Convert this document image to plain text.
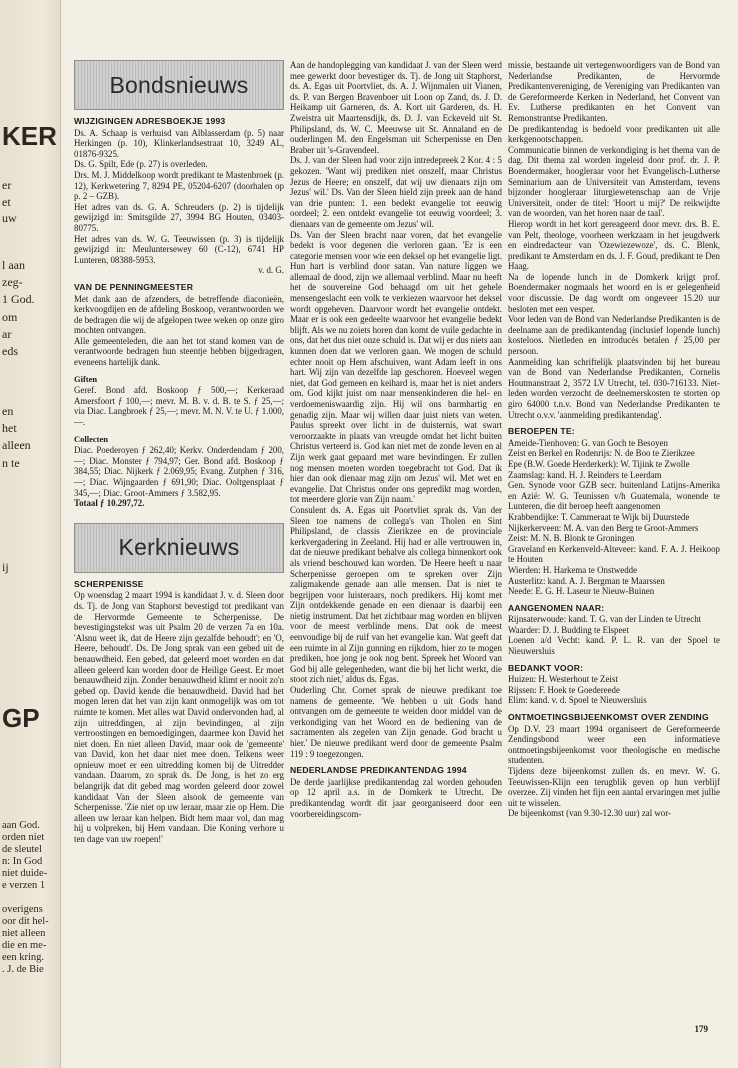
KER
er
et
uw
l aan
zeg-
1 God.
om
ar
eds
en
het
alleen
n te
ij
GP
aan God.
orden niet
de sleutel
n: In God
niet duide-
e verzen 1
overigens
oor dit hel-
niet alleen
die en me-
een kring.
. J. de Bie
Bondsnieuws
WIJZIGINGEN ADRESBOEKJE 1993

Ds. A. Schaap is verhuisd van Alblasserdam (p. 5) naar Herkingen (p. 10), Klinkerlandsestraat 10, 3249 AL, 01876-9325.

Ds. G. Spilt, Ede (p. 27) is overleden.

Drs. M. J. Middelkoop wordt predikant te Mastenbroek (p. 12), Kerkwetering 7, 8294 PE, 05204-6207 (doorhalen op p. 2 – GZB).

Het adres van ds. G. A. Schreuders (p. 2) is tijdelijk gewijzigd in: Smitsgilde 27, 3994 BG Houten, 03403-80775.

Het adres van ds. W. G. Teeuwissen (p. 3) is tijdelijk gewijzigd in: Meuluntersewey 60 (C-12), 6741 HP Lunteren, 08388-5953.

v. d. G.

VAN DE PENNINGMEESTER

Met dank aan de afzenders, de betreffende diaconieën, kerkvoogdijen en de afdeling Boskoop, verantwoorden we de bedragen die wij de afgelopen twee weken op onze giro mochten ontvangen.

Alle gemeenteleden, die aan het tot stand komen van de verantwoorde bedragen hun steentje hebben bijgedragen, eveneens hartelijk dank.

Giften

Geref. Bond afd. Boskoop ƒ 500,—; Kerkeraad Amersfoort ƒ 100,—; mevr. M. B. v. d. B. te S. ƒ 25,—; via Diac. Langbroek ƒ 25,—; mevr. M. N. V. te U. ƒ 1.000,—.

Collecten

Diac. Poederoyen ƒ 262,40; Kerkv. Onderdendam ƒ 200,—; Diac. Monster ƒ 794,97; Ger. Bond afd. Boskoop ƒ 384,55; Diac. Nijkerk ƒ 2.069,95; Evang. Zutphen ƒ 316,—; Diac. Wijngaarden ƒ 691,90; Diac. Ooltgensplaat ƒ 345,—; Diac. Groot-Ammers ƒ 3.582,95.

Totaal ƒ 10.297,72.

Kerknieuws
SCHERPENISSE

Op woensdag 2 maart 1994 is kandidaat J. v. d. Sleen door ds. Tj. de Jong van Staphorst bevestigd tot predikant van de Hervormde Gemeente te Scherpenisse. De bevestigingstekst was uit Psalm 20 de verzen 7a en 10a. 'Alsnu weet ik, dat de Heere zijn gezalfde behoudt'; en 'O, Heere, behoudt'. Ds. De Jong sprak van een gebed uit de benauwdheid. Een gebed, dat geleerd moet worden en dat alleen geleerd kan worden door de Heilige Geest. Er moet benauwdheid zijn. Zonder benauwdheid klimt er nooit zo'n gebed op. David kende die benauwdheid. David had het mogen leren dat het van zijn kant onmogelijk was om tot ruimte te komen. Met alles wat David ondervonden had, al zijn uitreddingen, al zijn bevindingen, al zijn vertroostingen en bemoedigingen, daarmee kon David het niet doen. En niet alleen David, maar ook de 'gemeente' van David, kon het daar niet mee doen. Telkens weer opnieuw moet er een uitredding komen bij de Uitredder vandaan. Daarom, zo sprak ds. De Jong, is het zo erg belangrijk dat dit gebed mag worden geleerd door zowel kandidaat Van der Sleen alsook de gemeente van Scherpenisse. 'Zie niet op uw leraar, maar zie op Hem. Die alleen uw leraar kan helpen. Bidt hem maar vol, dan mag hij u volpreken, bij Hem vandaan. Die Koning verhore u ten dage van uw roepen!'

Aan de handoplegging van kandidaat J. van der Sleen werd mee gewerkt door bevestiger ds. Tj. de Jong uit Staphorst, ds. A. Egas uit Poortvliet, ds. A. J. Wijnmalen uit Vianen, ds. P. van Bergen Bravenboer uit Loon op Zand, ds. J. D. Heikamp uit Garneren, ds. A. Kort uit Garderen, ds. H. Zweistra uit Maartensdijk, ds. D. J. van Eckeveld uit St. Philipsland, ds. W. C. Meeuwse uit St. Annaland en de ouderlingen M. den Engelsman uit Scherpenisse en Den Braber uit 's-Gravendeel.

Ds. J. van der Sleen had voor zijn intredepreek 2 Kor. 4 : 5 gekozen. 'Want wij prediken niet onszelf, maar Christus Jezus de Heere; en onszelf, dat wij uw dienaars zijn om Jezus' wil.' Ds. Van der Sleen hield zijn preek aan de hand van drie punten: 1. een bedekt evangelie tot eeuwig oordeel; 2. een ontdekt evangelie tot eeuwig voordeel; 3. dienaars van de gemeente om Jezus' wil.

Ds. Van der Sleen bracht naar voren, dat het evangelie bedekt is voor degenen die verloren gaan. 'Er is een categorie mensen voor wie een deksel op het evangelie ligt. Hun hart is verblind door satan. Van nature liggen we allemaal de dood, zijn we allemaal verblind. Maar nu heeft het de souvereine God behaagd om uit het gehele mensengeslacht een volk te verkiezen waarvoor het deksel wordt opgeheven. Daarvoor wordt het evangelie ontdekt. Maar er is ook een gedeelte waarvoor het evangelie bedekt blijft. Als we nu zoiets horen dan komt de vuile gedachte in ons, dat het dus niet onze schuld is. Dat wij er dus niets aan kunnen doen dat we verloren gaan. We mogen de schuld echter nooit op Hem afschuiven, want Adam leeft in ons hart. Wij zijn van dezelfde lap geschoren. Hoeveel wegen niet, dat God gemeen en keihard is, maar het is niet anders om. God kijkt juist om naar mensenkinderen die hel- en verdoemeniswaardig zijn. Hij wil ons barmhartig en genadig zijn. Maar wij willen daar juist niets van weten. Paulus spreekt over licht in de duisternis, wat swart veroorzaakte in plaats van vreugde omdat het licht buiten Christus verteerd is. God kan niet met de zonde leven en al Zijn werk gaat gepaard met ware bevindingen. Er zullen nog mensen moeten worden toegebracht tot God. Dat ik hier dan ook dienaar mag zijn om Jezus' wil. Met wet en evangelie. Dat Christus onder ons gepredikt mag worden, tot meerdere glorie van Zijn naam.'

Consulent ds. A. Egas uit Poortvliet sprak ds. Van der Sleen toe namens de collega's van Tholen en Sint Philipsland, de classis Zierikzee en de provinciale kerkvergadering in Zeeland. Hij had er alle vertrouwen in, dat de nieuwe predikant behalve als collega binnenkort ook als vriend beschouwd kan worden. 'De Heere heeft u naar Scherpenisse geroepen om te spreken over Zijn zaligmakende genade aan alle mensen. Dat is niet te begrijpen voor luisteraars, noch predikers. Hij komt met Zijn ontdekkende genade en een dienaar is daarbij een nietig instrument. Dat het zichtbaar mag worden en blijven voor de meest verblinde mens. Dat ook de meest eenvoudige bij de ruif van het evangelie kan. Wat geeft dat een ruimte in al Zijn gunning en rijkdom, hier zo te mogen prediken, hoe jong je ook nog bent. Spreek het Woord van God bij alle gelegenheden, want die bij het licht werkt, die stoot zich niet,' aldus ds. Egas.

Ouderling Chr. Cornet sprak de nieuwe predikant toe namens de gemeente. 'We hebben u uit Gods hand ontvangen om de gemeente te weiden door middel van de verkondiging van het Woord en de bediening van de sacramenten als zegelen van Zijn genade. God bracht u hier.' De nieuwe predikant werd door de gemeente Psalm 119 : 9 toegezongen.

NEDERLANDSE PREDIKANTENDAG 1994

De derde jaarlijkse predikantendag zal worden gehouden op 12 april a.s. in de Domkerk te Utrecht. De predikantendag wordt dit jaar georganiseerd door een voorbereidingscom-

missie, bestaande uit vertegenwoordigers van de Bond van Nederlandse Predikanten, de Hervormde Predikantenvereniging, de Vereniging van Predikanten van de Gereformeerde Kerken in Nederland, het Convent van Ev. Lutherse predikanten en het Convent van Remonstrantse Predikanten.

De predikantendag is bedoeld voor predikanten uit alle kerkgenootschappen.

Communicatie binnen de verkondiging is het thema van de dag. Dit thema zal worden ingeleid door prof. dr. J. P. Boendermaker, hoogleraar voor het Evangelisch-Lutherse Seminarium aan de Universiteit van Amsterdam, tevens bijzonder hoogleraar liturgiewetenschap aan de Vrije Universiteit, onder de titel: 'Hoort u mij?' De reikwijdte van de woorden, van het horen naar de taal'.

Hierop wordt in het kort gereageerd door mevr. drs. B. E. van Pelt, theologe, voorheen werkzaam in het jeugdwerk en eindredacteur van 'Ozewiezewoze', ds. C. Blenk, predikant te Amsterdam en ds. J. F. Goud, predikant te Den Haag.

Na de lopende lunch in de Domkerk krijgt prof. Boendermaker nogmaals het woord en is er gelegenheid voor discussie. De dag wordt om ongeveer 15.20 uur besloten met een vesper.

Voor leden van de Bond van Nederlandse Predikanten is de deelname aan de predikantendag (inclusief lopende lunch) kosteloos. Nietleden en introducés betalen ƒ 25,00 per persoon.

Aanmelding kan schriftelijk plaatsvinden bij het bureau van de Bond van Nederlandse Predikanten, Cornelis Houtmanstraat 2, 3572 LV Utrecht, tel. 030-716133. Niet-leden worden verzocht de deelnemerskosten te storten op giro 64000 t.n.v. Bond van Nederlandse Predikanten te Utrecht o.v.v. 'aanmelding predikantendag'.

BEROEPEN TE:

Ameide-Tienhoven: G. van Goch te Besoyen

Zeist en Berkel en Rodenrijs: N. de Boo te Zierikzee

Epe (B.W. Goede Herderkerk): W. Tijink te Zwolle

Zaamslag: kand. H. J. Reinders te Leerdam

Gen. Synode voor GZB secr. buitenland Latijns-Amerika en Azië: W. G. Teunissen v/h Guatemala, wonende te Lunteren, die dit beroep heeft aangenomen

Krabbendijke: T. Cammeraat te Wijk bij Duurstede

Nijkerkerveen: M. A. van den Berg te Groot-Ammers

Zeist: M. N. B. Blonk te Groningen

Graveland en Kerkenveld-Altevеer: kand. F. A. J. Heikoop te Houten

Wierden: H. Harkema te Onstwedde

Austerlitz: kand. A. J. Bergman te Maarssen

Neede: E. G. H. Laseur te Nieuw-Buinen

AANGENOMEN NAAR:

Rijnsaterwoude: kand. T. G. van der Linden te Utrecht

Waarder: D. J. Budding te Elspeet

Loenen a/d Vecht: kand. P. L. R. van der Spoel te Nieuwersluis

BEDANKT VOOR:

Huizen: H. Westerhout te Zeist

Rijssen: F. Hoek te Goedereede

Elim: kand. v. d. Spoel te Nieuwersluis

ONTMOETINGSBIJEENKOMST OVER ZENDING

Op D.V. 23 maart 1994 organiseert de Gereformeerde Zendingsbond weer een informatieve ontmoetingsbijeenkomst voor theologische en medische studenten.

Tijdens deze bijeenkomst zullen ds. en mevr. W. G. Teeuwissen-Klijn een terugblik geven op hun verblijf overzee. Zij vinden het fijn een aantal ervaringen met jullie uit te wisselen.

De bijeenkomst (van 9.30-12.30 uur) zal wor-

179
